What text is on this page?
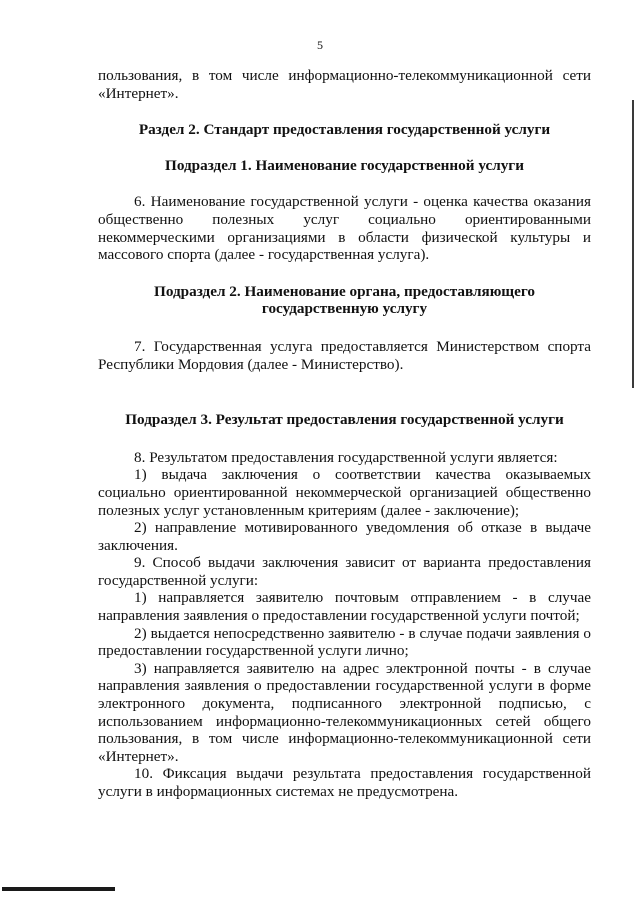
5

пользования, в том числе информационно-телекоммуникационной сети «Интернет».

Раздел 2. Стандарт предоставления государственной услуги

Подраздел 1. Наименование государственной услуги

6. Наименование государственной услуги - оценка качества оказания общественно полезных услуг социально ориентированными некоммерческими организациями в области физической культуры и массового спорта (далее - государственная услуга).

Подраздел 2. Наименование органа, предоставляющего государственную услугу

7. Государственная услуга предоставляется Министерством спорта Республики Мордовия (далее - Министерство).

Подраздел 3. Результат предоставления государственной услуги

8. Результатом предоставления государственной услуги является:

1) выдача заключения о соответствии качества оказываемых социально ориентированной некоммерческой организацией общественно полезных услуг установленным критериям (далее - заключение);

2) направление мотивированного уведомления об отказе в выдаче заключения.

9. Способ выдачи заключения зависит от варианта предоставления государственной услуги:

1) направляется заявителю почтовым отправлением - в случае направления заявления о предоставлении государственной услуги почтой;

2) выдается непосредственно заявителю - в случае подачи заявления о предоставлении государственной услуги лично;

3) направляется заявителю на адрес электронной почты - в случае направления заявления о предоставлении государственной услуги в форме электронного документа, подписанного электронной подписью, с использованием информационно-телекоммуникационных сетей общего пользования, в том числе информационно-телекоммуникационной сети «Интернет».

10. Фиксация выдачи результата предоставления государственной услуги в информационных системах не предусмотрена.
